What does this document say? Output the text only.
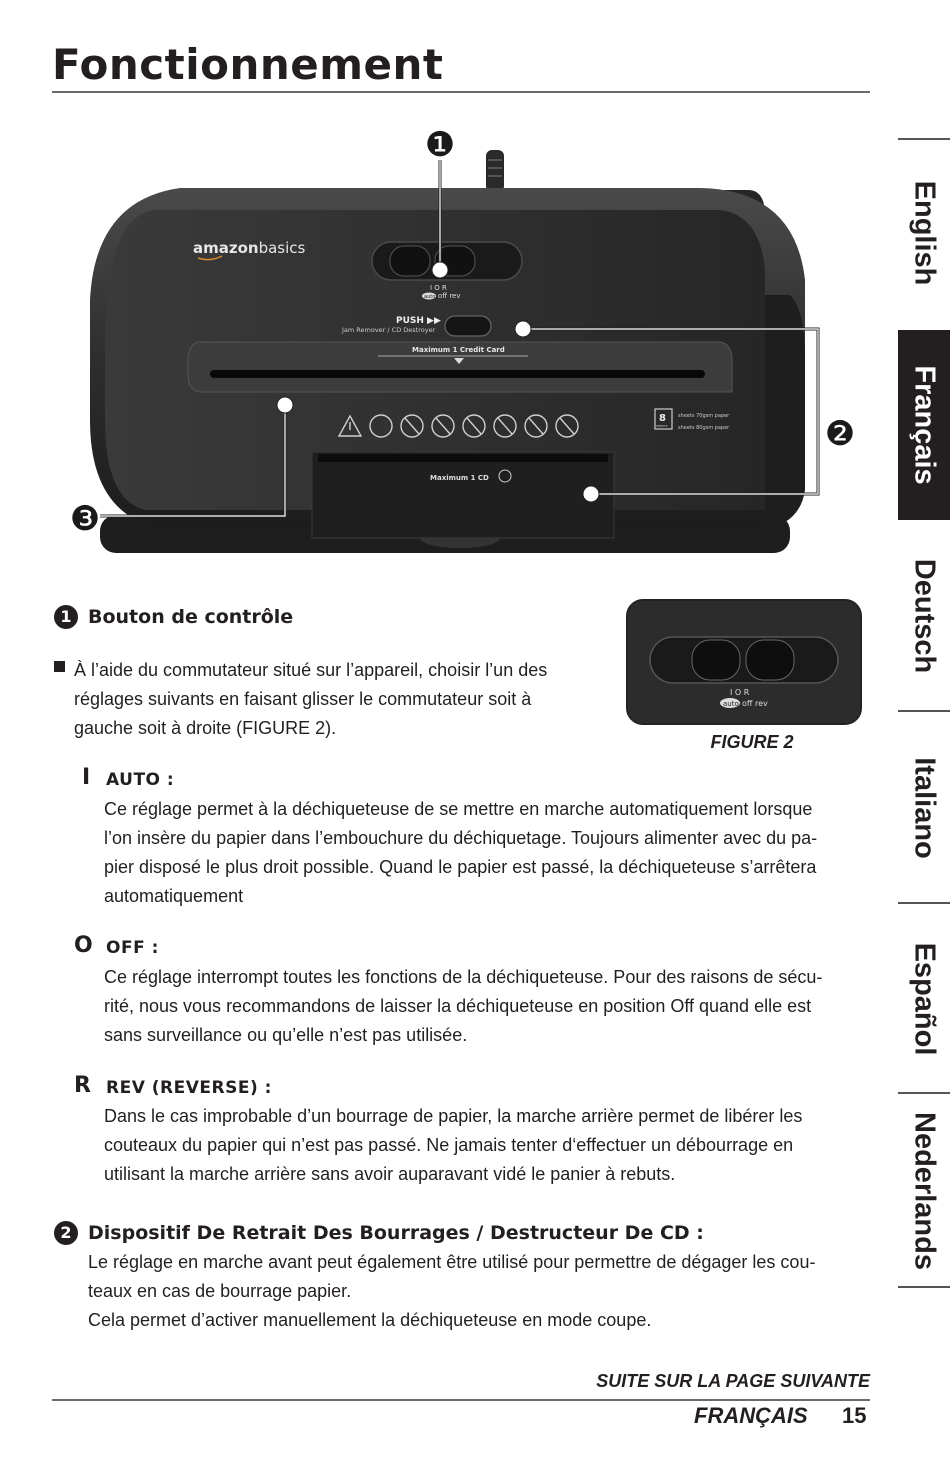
Fonctionnement
English
Français
Deutsch
Italiano
Español
Nederlands
amazonbasics
I O R
auto off rev
PUSH ▶▶
Jam Remover / CD Destroyer
Maximum 1 Credit Card
8
SHEETS
sheets 70gsm paper
sheets 80gsm paper
Maximum 1 CD
❶
❷
❸
1 Bouton de contrôle
À l’aide du commutateur situé sur l’appareil, choisir l’un des
réglages suivants en faisant glisser le commutateur soit à
gauche soit à droite (FIGURE 2).
I O R
auto off rev
FIGURE 2
I AUTO :
Ce réglage permet à la déchiqueteuse de se mettre en marche automatiquement lorsque
l’on insère du papier dans l’embouchure du déchiquetage. Toujours alimenter avec du pa-
pier disposé le plus droit possible. Quand le papier est passé, la déchiqueteuse s’arrêtera
automatiquement
O OFF :
Ce réglage interrompt toutes les fonctions de la déchiqueteuse. Pour des raisons de sécu-
rité, nous vous recommandons de laisser la déchiqueteuse en position Off quand elle est
sans surveillance ou qu’elle n’est pas utilisée.
R REV (REVERSE) :
Dans le cas improbable d’un bourrage de papier, la marche arrière permet de libérer les
couteaux du papier qui n’est pas passé. Ne jamais tenter d‘effectuer un débourrage en
utilisant la marche arrière sans avoir auparavant vidé le panier à rebuts.
2 Dispositif De Retrait Des Bourrages / Destructeur De CD :
Le réglage en marche avant peut également être utilisé pour permettre de dégager les cou-
teaux en cas de bourrage papier.
Cela permet d’activer manuellement la déchiqueteuse en mode coupe.
SUITE SUR LA PAGE SUIVANTE
FRANÇAIS 15
